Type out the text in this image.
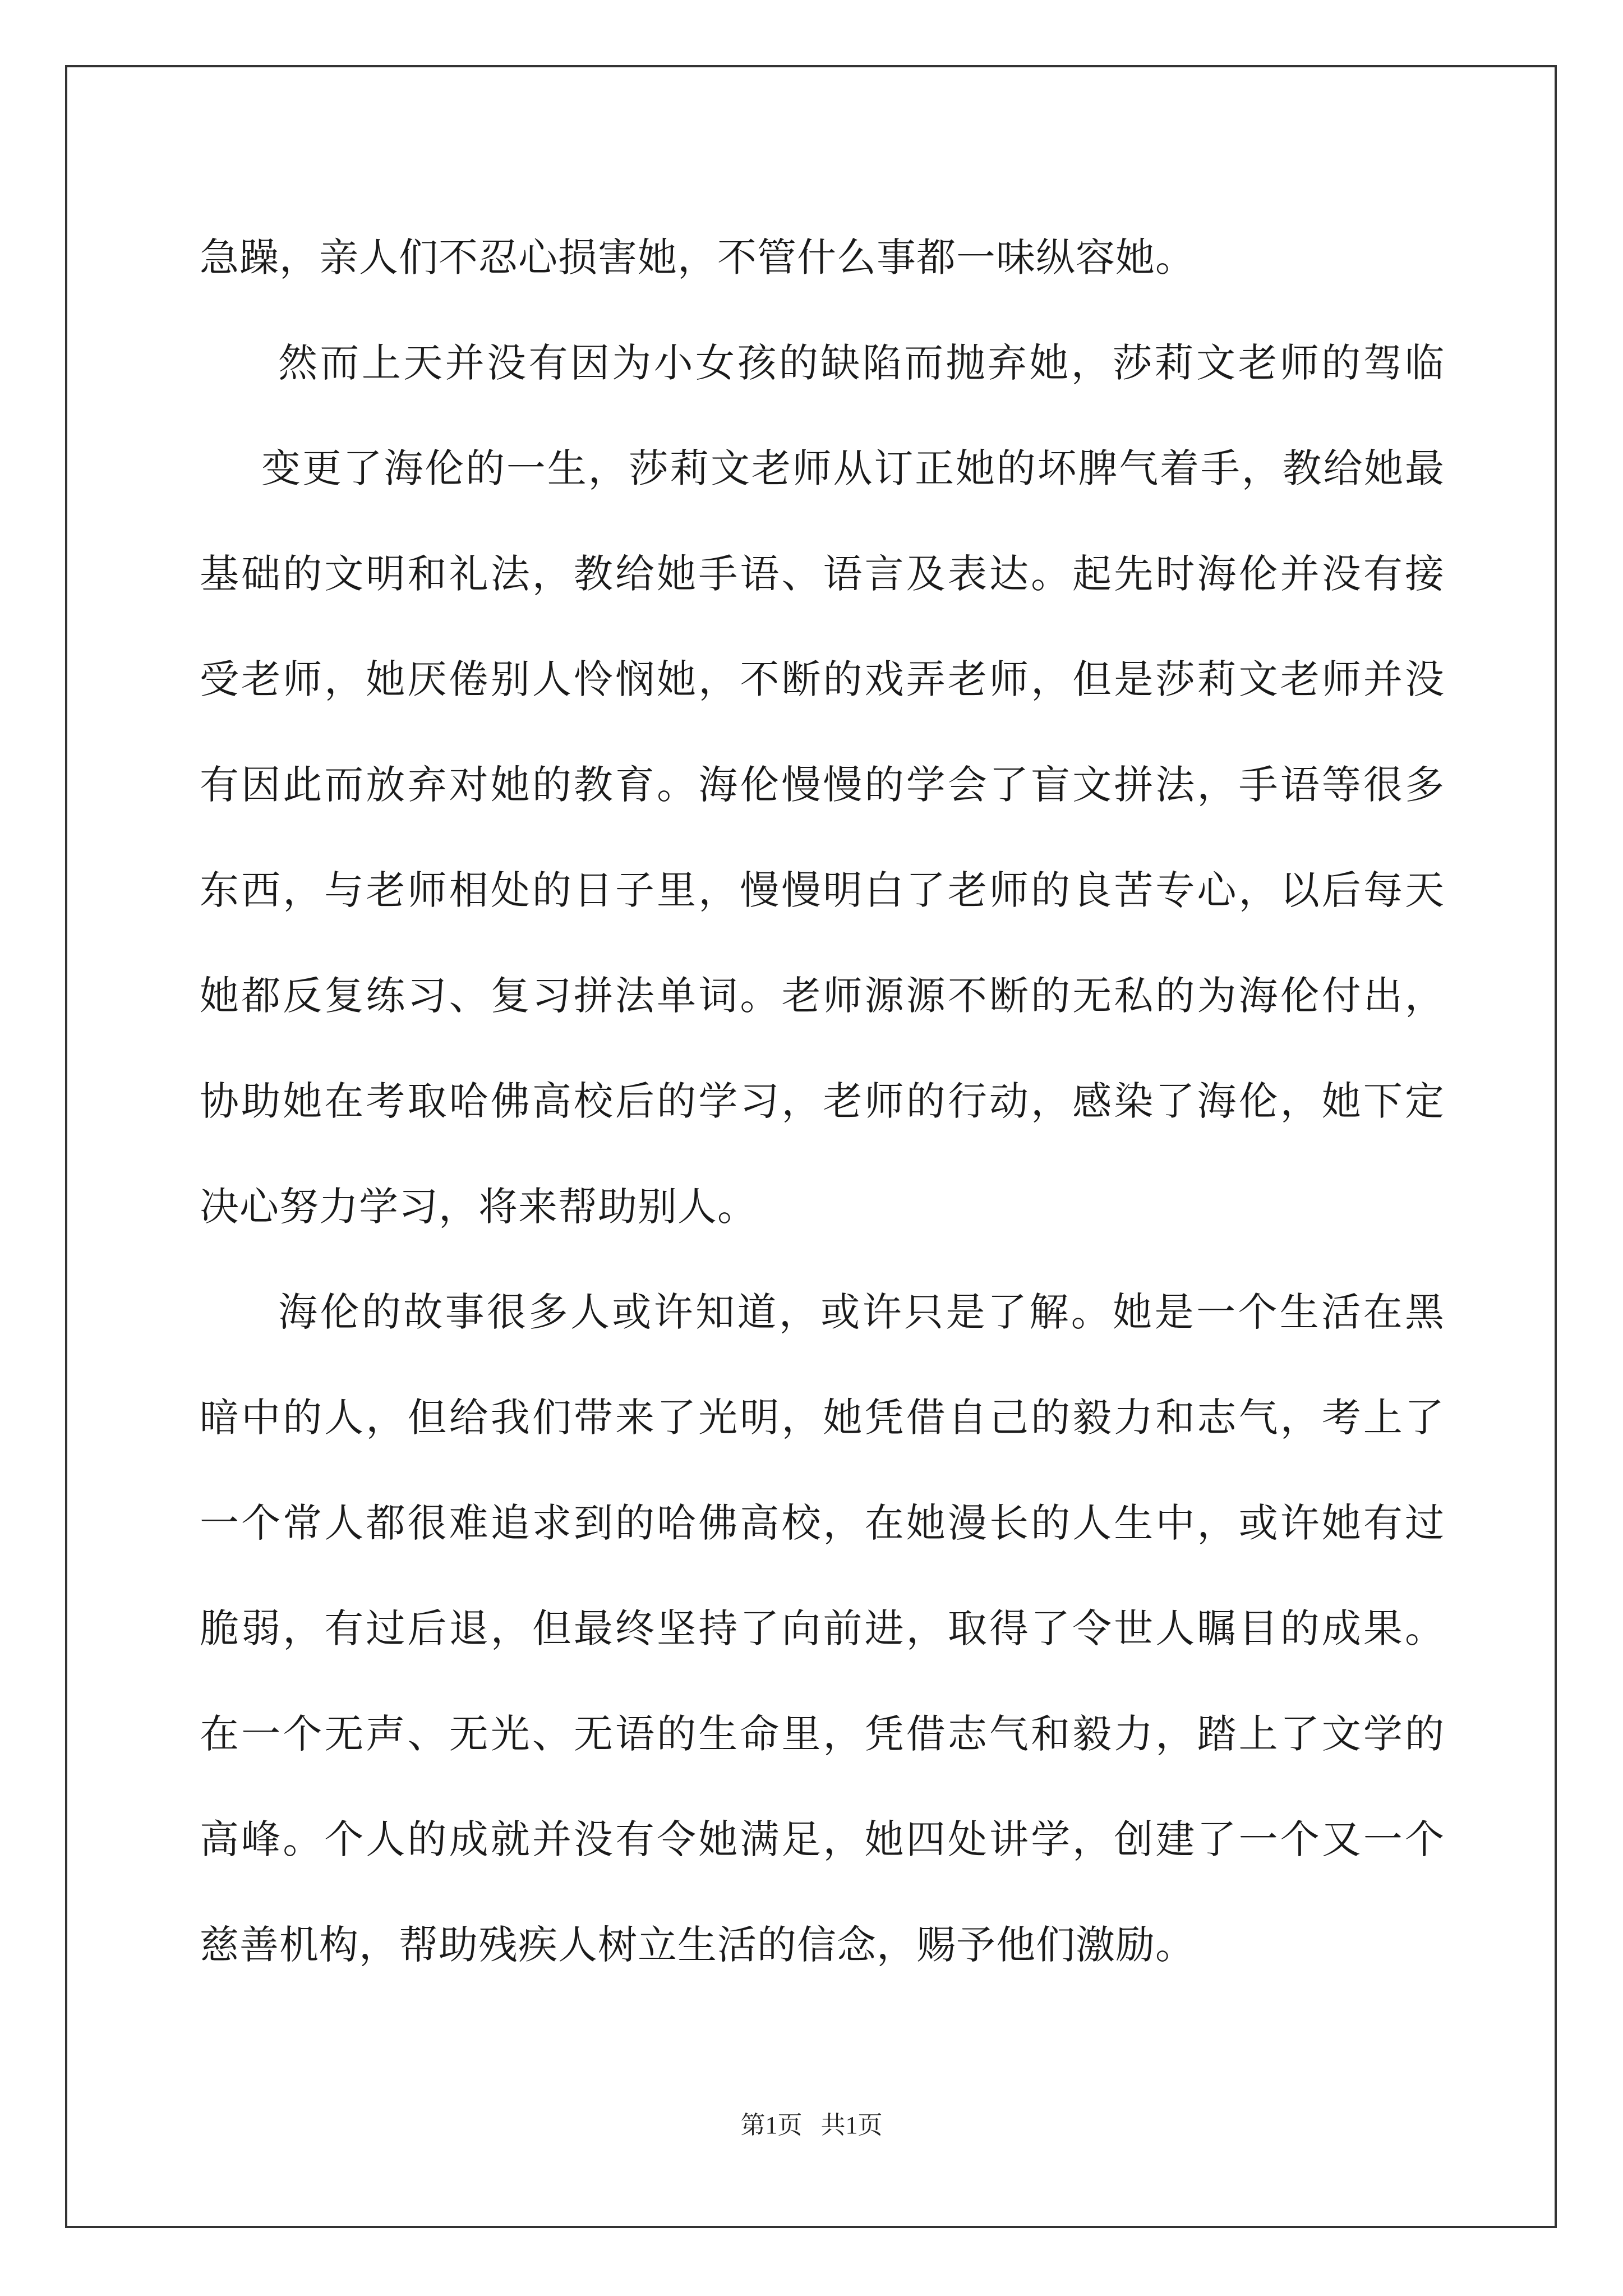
急躁，亲人们不忍心损害她，不管什么事都一味纵容她。
然而上天并没有因为小女孩的缺陷而抛弃她，莎莉文老师的驾临
变更了海伦的一生，莎莉文老师从订正她的坏脾气着手，教给她最
基础的文明和礼法，教给她手语、语言及表达。起先时海伦并没有接
受老师，她厌倦别人怜悯她，不断的戏弄老师，但是莎莉文老师并没
有因此而放弃对她的教育。海伦慢慢的学会了盲文拼法，手语等很多
东西，与老师相处的日子里，慢慢明白了老师的良苦专心，以后每天
她都反复练习、复习拼法单词。老师源源不断的无私的为海伦付出，
协助她在考取哈佛高校后的学习，老师的行动，感染了海伦，她下定
决心努力学习，将来帮助别人。
海伦的故事很多人或许知道，或许只是了解。她是一个生活在黑
暗中的人，但给我们带来了光明，她凭借自己的毅力和志气，考上了
一个常人都很难追求到的哈佛高校，在她漫长的人生中，或许她有过
脆弱，有过后退，但最终坚持了向前进，取得了令世人瞩目的成果。
在一个无声、无光、无语的生命里，凭借志气和毅力，踏上了文学的
高峰。个人的成就并没有令她满足，她四处讲学，创建了一个又一个
慈善机构，帮助残疾人树立生活的信念，赐予他们激励。
第1页   共1页
